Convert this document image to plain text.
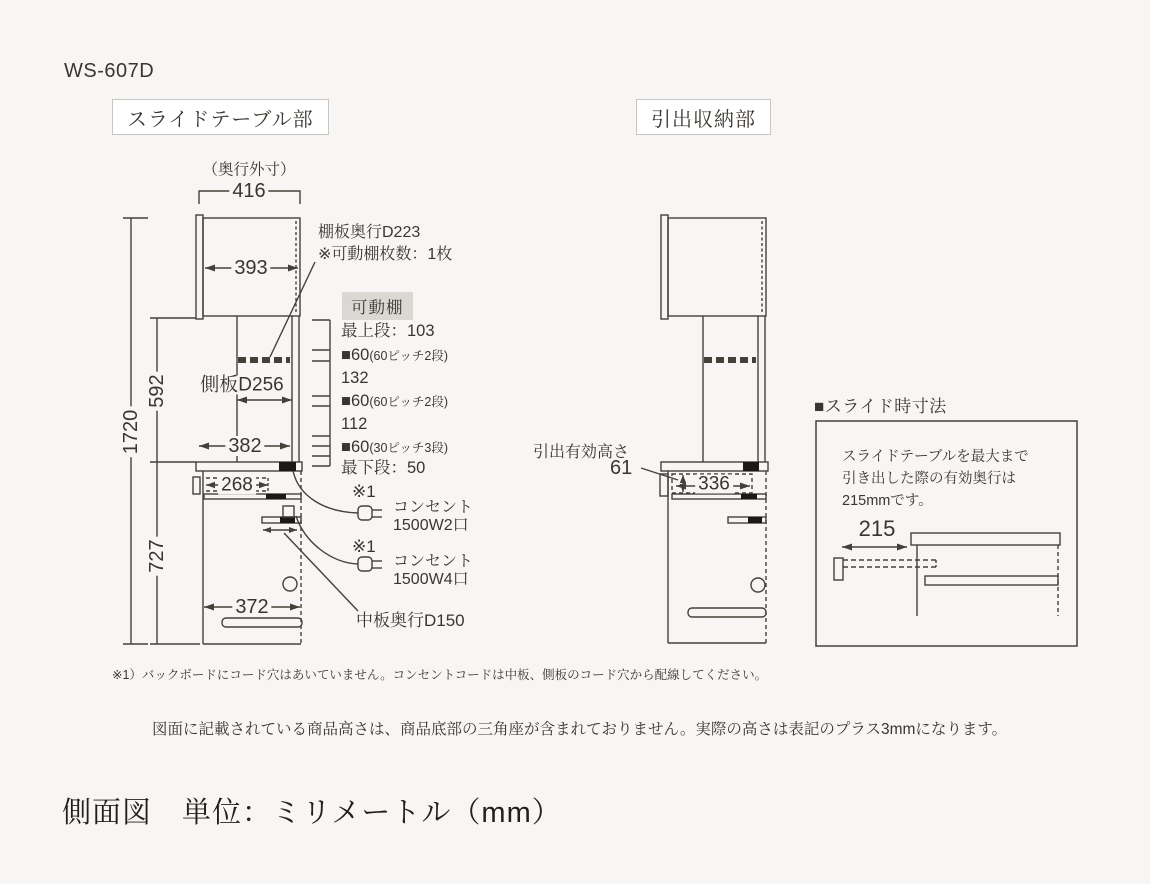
WS-607D
スライドテーブル部	引出収納部
（奥行外寸）
416
393
1720
592
727
側板D256
382
268
372
棚板奥行D223
※可動棚枚数：1枚
可動棚
最上段：103
■60(60ピッチ2段)
132
■60(60ピッチ2段)
112
■60(30ピッチ3段)
最下段：50
※1
コンセント
1500W2口
※1
コンセント
1500W4口
中板奥行D150
引出有効高さ
61
336
■スライド時寸法
スライドテーブルを最大まで
引き出した際の有効奥行は
215mmです。
215
※1）バックボードにコード穴はあいていません。コンセントコードは中板、側板のコード穴から配線してください。
図面に記載されている商品高さは、商品底部の三角座が含まれておりません。実際の高さは表記のプラス3mmになります。
側面図　単位：ミリメートル（mm）
